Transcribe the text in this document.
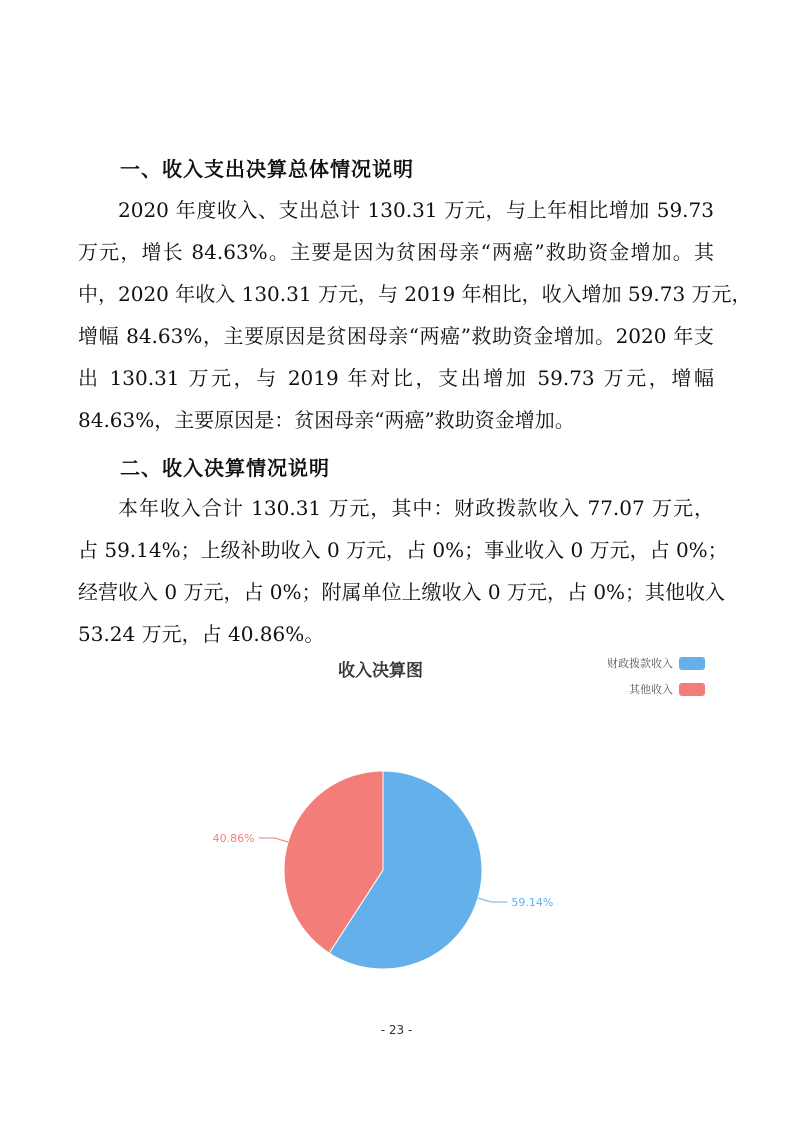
一、收入支出决算总体情况说明
2020 年度收入、支出总计 130.31 万元，与上年相比增加 59.73
万元，增长 84.63%。主要是因为贫困母亲“两癌”救助资金增加。其
中，2020 年收入 130.31 万元，与 2019 年相比，收入增加 59.73 万元，
增幅 84.63%，主要原因是贫困母亲“两癌”救助资金增加。2020 年支
出 130.31 万元，与 2019 年对比，支出增加 59.73 万元，增幅
84.63%，主要原因是：贫困母亲“两癌”救助资金增加。
二、收入决算情况说明
本年收入合计 130.31 万元，其中：财政拨款收入 77.07 万元，
占 59.14%；上级补助收入 0 万元，占 0%；事业收入 0 万元，占 0%；
经营收入 0 万元，占 0%；附属单位上缴收入 0 万元，占 0%；其他收入
53.24 万元，占 40.86%。
收入决算图	财政拨款收入
其他收入
59.14%
40.86%
- 23 -
